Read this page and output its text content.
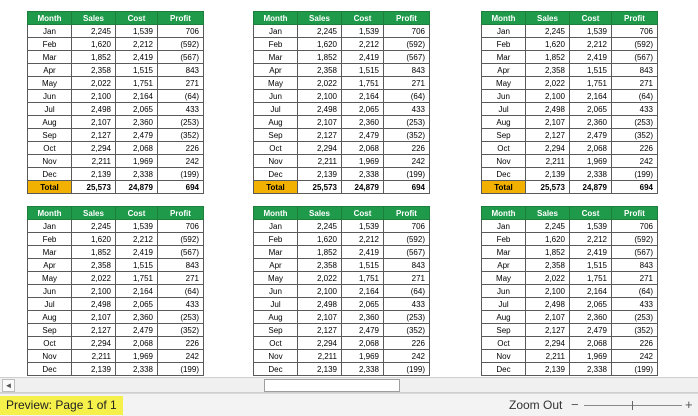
Month	Sales	Cost	Profit
Jan	2,245	1,539	706
Feb	1,620	2,212	(592)
Mar	1,852	2,419	(567)
Apr	2,358	1,515	843
May	2,022	1,751	271
Jun	2,100	2,164	(64)
Jul	2,498	2,065	433
Aug	2,107	2,360	(253)
Sep	2,127	2,479	(352)
Oct	2,294	2,068	226
Nov	2,211	1,969	242
Dec	2,139	2,338	(199)
Total	25,573	24,879	694
Month	Sales	Cost	Profit
Jan	2,245	1,539	706
Feb	1,620	2,212	(592)
Mar	1,852	2,419	(567)
Apr	2,358	1,515	843
May	2,022	1,751	271
Jun	2,100	2,164	(64)
Jul	2,498	2,065	433
Aug	2,107	2,360	(253)
Sep	2,127	2,479	(352)
Oct	2,294	2,068	226
Nov	2,211	1,969	242
Dec	2,139	2,338	(199)
Total	25,573	24,879	694
Month	Sales	Cost	Profit
Jan	2,245	1,539	706
Feb	1,620	2,212	(592)
Mar	1,852	2,419	(567)
Apr	2,358	1,515	843
May	2,022	1,751	271
Jun	2,100	2,164	(64)
Jul	2,498	2,065	433
Aug	2,107	2,360	(253)
Sep	2,127	2,479	(352)
Oct	2,294	2,068	226
Nov	2,211	1,969	242
Dec	2,139	2,338	(199)
Total	25,573	24,879	694
Month	Sales	Cost	Profit
Jan	2,245	1,539	706
Feb	1,620	2,212	(592)
Mar	1,852	2,419	(567)
Apr	2,358	1,515	843
May	2,022	1,751	271
Jun	2,100	2,164	(64)
Jul	2,498	2,065	433
Aug	2,107	2,360	(253)
Sep	2,127	2,479	(352)
Oct	2,294	2,068	226
Nov	2,211	1,969	242
Dec	2,139	2,338	(199)
Month	Sales	Cost	Profit
Jan	2,245	1,539	706
Feb	1,620	2,212	(592)
Mar	1,852	2,419	(567)
Apr	2,358	1,515	843
May	2,022	1,751	271
Jun	2,100	2,164	(64)
Jul	2,498	2,065	433
Aug	2,107	2,360	(253)
Sep	2,127	2,479	(352)
Oct	2,294	2,068	226
Nov	2,211	1,969	242
Dec	2,139	2,338	(199)
Month	Sales	Cost	Profit
Jan	2,245	1,539	706
Feb	1,620	2,212	(592)
Mar	1,852	2,419	(567)
Apr	2,358	1,515	843
May	2,022	1,751	271
Jun	2,100	2,164	(64)
Jul	2,498	2,065	433
Aug	2,107	2,360	(253)
Sep	2,127	2,479	(352)
Oct	2,294	2,068	226
Nov	2,211	1,969	242
Dec	2,139	2,338	(199)
◄
Preview: Page 1 of 1	Zoom Out −	+
